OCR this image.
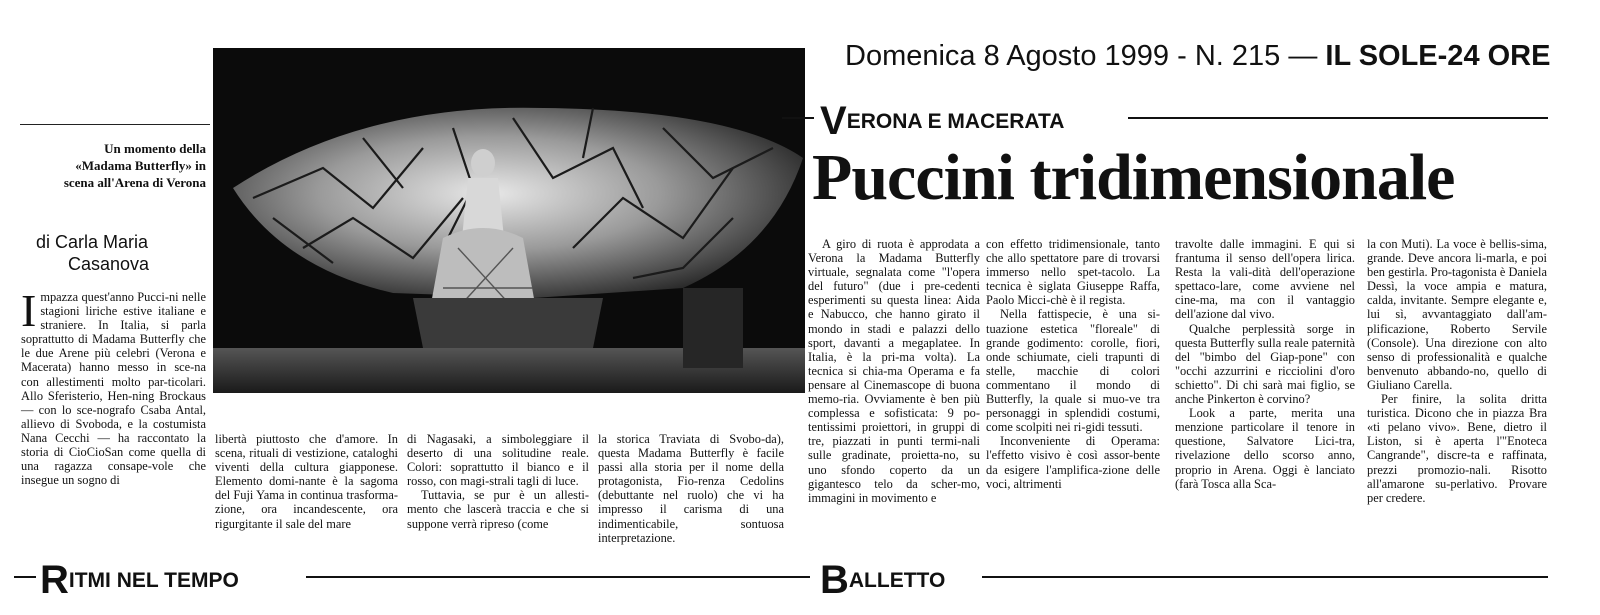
Domenica 8 Agosto 1999 - N. 215 — IL SOLE-24 ORE
Un momento della
«Madama Butterfly» in
scena all'Arena di Verona
di Carla Maria
Casanova
VERONA E MACERATA
Puccini tridimensionale
I mpazza quest'anno Pucci-ni nelle stagioni liriche estive italiane e straniere. In Italia, si parla soprattutto di Madama Butterfly che le due Arene più celebri (Verona e Macerata) hanno messo in sce-na con allestimenti molto par-ticolari. Allo Sferisterio, Hen-ning Brockaus — con lo sce-nografo Csaba Antal, allievo di Svoboda, e la costumista Nana Cecchi — ha raccontato la storia di CioCioSan come quella di una ragazza consape-vole che insegue un sogno di

libertà piuttosto che d'amore. In scena, rituali di vestizione, cataloghi viventi della cultura giapponese. Elemento domi-nante è la sagoma del Fuji Yama in continua trasforma-zione, ora incandescente, ora rigurgitante il sale del mare

di Nagasaki, a simboleggiare il deserto di una solitudine reale. Colori: soprattutto il bianco e il rosso, con magi-strali tagli di luce.

Tuttavia, se pur è un allesti-mento che lascerà traccia e che si suppone verrà ripreso (come

la storica Traviata di Svobo-da), questa Madama Butterfly è facile passi alla storia per il nome della protagonista, Fio-renza Cedolins (debuttante nel ruolo) che vi ha impresso il carisma di una indimenticabile, sontuosa interpretazione.

A giro di ruota è approdata a Verona la Madama Butterfly virtuale, segnalata come "l'opera del futuro" (due i pre-cedenti esperimenti su questa linea: Aida e Nabucco, che hanno girato il mondo in stadi e palazzi dello sport, davanti a megaplatee. In Italia, è la pri-ma volta). La tecnica si chia-ma Operama e fa pensare al Cinemascope di buona memo-ria. Ovviamente è ben più complessa e sofisticata: 9 po-tentissimi proiettori, in gruppi di tre, piazzati in punti termi-nali sulle gradinate, proietta-no, su uno sfondo coperto da un gigantesco telo da scher-mo, immagini in movimento e

con effetto tridimensionale, tanto che allo spettatore pare di trovarsi immerso nello spet-tacolo. La tecnica è siglata Giuseppe Raffa, Paolo Micci-chè è il regista.

Nella fattispecie, è una si-tuazione estetica "floreale" di grande godimento: corolle, fiori, onde schiumate, cieli trapunti di stelle, macchie di colori commentano il mondo di Butterfly, la quale si muo-ve tra personaggi in splendidi costumi, come scolpiti nei ri-gidi tessuti.

Inconveniente di Operama: l'effetto visivo è così assor-bente da esigere l'amplifica-zione delle voci, altrimenti

travolte dalle immagini. E qui si frantuma il senso dell'opera lirica. Resta la vali-dità dell'operazione spettaco-lare, come avviene nel cine-ma, ma con il vantaggio dell'azione dal vivo.

Qualche perplessità sorge in questa Butterfly sulla reale paternità del "bimbo del Giap-pone" con "occhi azzurrini e ricciolini d'oro schietto". Di chi sarà mai figlio, se anche Pinkerton è corvino?

Look a parte, merita una menzione particolare il tenore in questione, Salvatore Lici-tra, rivelazione dello scorso anno, proprio in Arena. Oggi è lanciato (farà Tosca alla Sca-

la con Muti). La voce è bellis-sima, grande. Deve ancora li-marla, e poi ben gestirla. Pro-tagonista è Daniela Dessì, la voce ampia e matura, calda, invitante. Sempre elegante e, lui sì, avvantaggiato dall'am-plificazione, Roberto Servile (Console). Una direzione con alto senso di professionalità e qualche benvenuto abbando-no, quello di Giuliano Carella.

Per finire, la solita dritta turistica. Dicono che in piazza Bra «ti pelano vivo». Bene, dietro il Liston, si è aperta l'"Enoteca Cangrande", discre-ta e raffinata, prezzi promozio-nali. Risotto all'amarone su-perlativo. Provare per credere.

RITMI NEL TEMPO	BALLETTO
